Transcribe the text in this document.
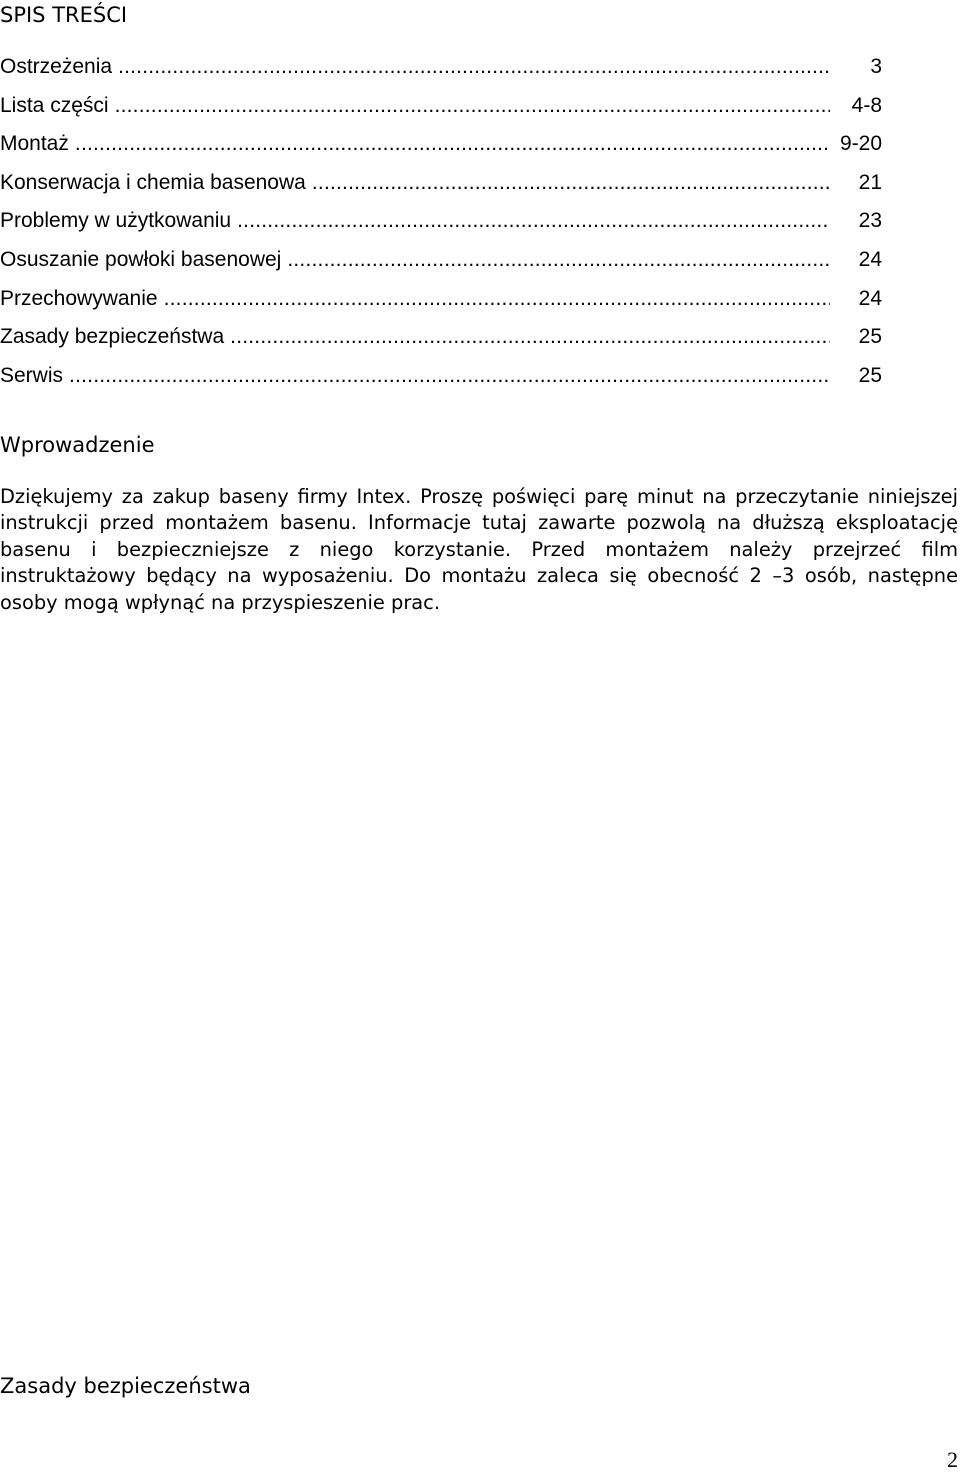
SPIS TREŚCI
Ostrzeżenia .....	3
Lista części .....	4-8
Montaż .....	9-20
Konserwacja i chemia basenowa .....	21
Problemy w użytkowaniu .....	23
Osuszanie powłoki basenowej .....	24
Przechowywanie .....	24
Zasady bezpieczeństwa .....	25
Serwis .....	25
Wprowadzenie

Dziękujemy za zakup baseny firmy Intex. Proszę poświęci parę minut na przeczytanie niniejszej instrukcji przed montażem basenu. Informacje tutaj zawarte pozwolą na dłuższą eksploatację basenu i bezpieczniejsze z niego korzystanie. Przed montażem należy przejrzeć film instruktażowy będący na wyposażeniu. Do montażu zaleca się obecność 2 –3 osób, następne osoby mogą wpłynąć na przyspieszenie prac.

Zasady bezpieczeństwa
2
